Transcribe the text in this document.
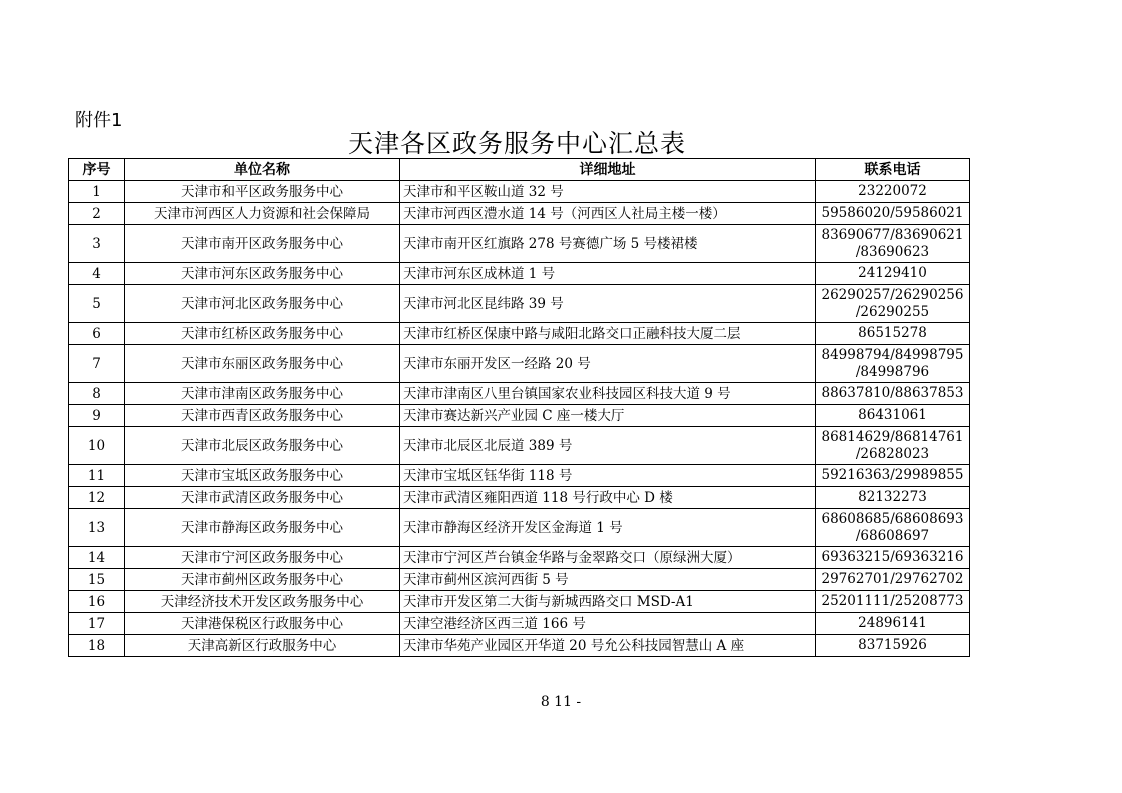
附件1
天津各区政务服务中心汇总表
序号	单位名称	详细地址	联系电话
1	天津市和平区政务服务中心	天津市和平区鞍山道 32 号	23220072

2	天津市河西区人力资源和社会保障局	天津市河西区澧水道 14 号（河西区人社局主楼一楼）	59586020/59586021

3	天津市南开区政务服务中心	天津市南开区红旗路 278 号赛德广场 5 号楼裙楼	83690677/83690621
/83690623

4	天津市河东区政务服务中心	天津市河东区成林道 1 号	24129410

5	天津市河北区政务服务中心	天津市河北区昆纬路 39 号	26290257/26290256
/26290255

6	天津市红桥区政务服务中心	天津市红桥区保康中路与咸阳北路交口正融科技大厦二层	86515278

7	天津市东丽区政务服务中心	天津市东丽开发区一经路 20 号	84998794/84998795
/84998796

8	天津市津南区政务服务中心	天津市津南区八里台镇国家农业科技园区科技大道 9 号	88637810/88637853

9	天津市西青区政务服务中心	天津市赛达新兴产业园 C 座一楼大厅	86431061

10	天津市北辰区政务服务中心	天津市北辰区北辰道 389 号	86814629/86814761
/26828023

11	天津市宝坻区政务服务中心	天津市宝坻区钰华街 118 号	59216363/29989855

12	天津市武清区政务服务中心	天津市武清区雍阳西道 118 号行政中心 D 楼	82132273

13	天津市静海区政务服务中心	天津市静海区经济开发区金海道 1 号	68608685/68608693
/68608697

14	天津市宁河区政务服务中心	天津市宁河区芦台镇金华路与金翠路交口（原绿洲大厦）	69363215/69363216

15	天津市蓟州区政务服务中心	天津市蓟州区滨河西街 5 号	29762701/29762702

16	天津经济技术开发区政务服务中心	天津市开发区第二大街与新城西路交口 MSD-A1	25201111/25208773

17	天津港保税区行政服务中心	天津空港经济区西三道 166 号	24896141

18	天津高新区行政服务中心	天津市华苑产业园区开华道 20 号允公科技园智慧山 A 座	83715926
8 11 -
